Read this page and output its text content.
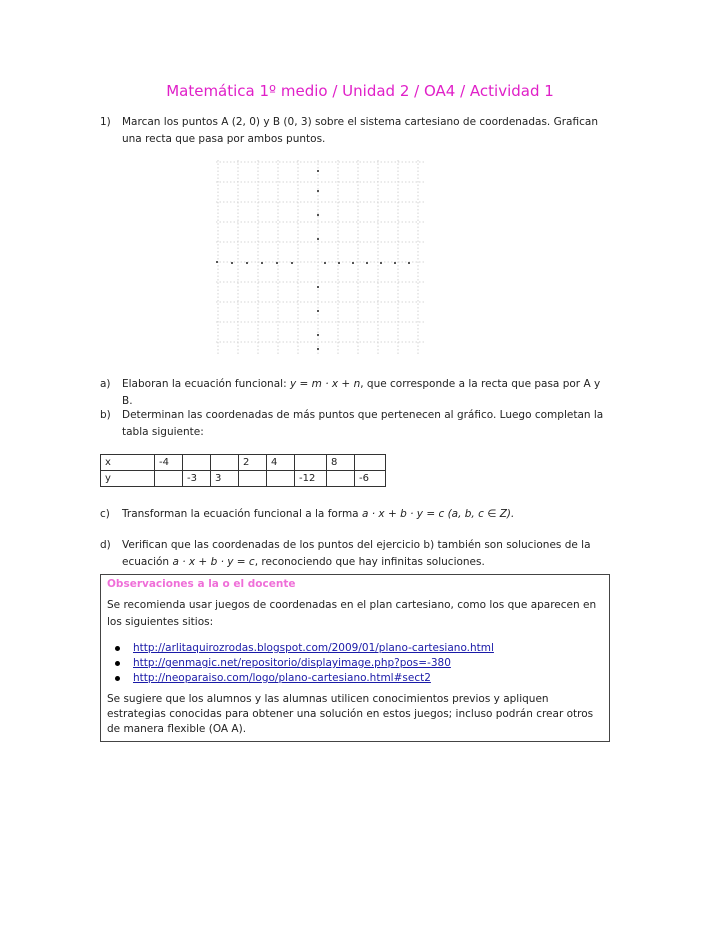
Matemática 1º medio / Unidad 2 / OA4 / Actividad 1
1) Marcan los puntos A (2, 0) y B (0, 3) sobre el sistema cartesiano de coordenadas. Grafican una recta que pasa por ambos puntos.
a) Elaboran la ecuación funcional: y = m · x + n, que corresponde a la recta que pasa por A y B.
b) Determinan las coordenadas de más puntos que pertenecen al gráfico. Luego completan la tabla siguiente:
x	-4			2	4		8	
y		-3	3			-12		-6
c) Transforman la ecuación funcional a la forma a · x + b · y = c (a, b, c ∈ Z).
d) Verifican que las coordenadas de los puntos del ejercicio b) también son soluciones de la ecuación a · x + b · y = c, reconociendo que hay infinitas soluciones.
Observaciones a la o el docente
Se recomienda usar juegos de coordenadas en el plan cartesiano, como los que aparecen en los siguientes sitios:
http://arlitaquirozrodas.blogspot.com/2009/01/plano-cartesiano.html
http://genmagic.net/repositorio/displayimage.php?pos=-380
http://neoparaiso.com/logo/plano-cartesiano.html#sect2
Se sugiere que los alumnos y las alumnas utilicen conocimientos previos y apliquen estrategias conocidas para obtener una solución en estos juegos; incluso podrán crear otros de manera flexible (OA A).
